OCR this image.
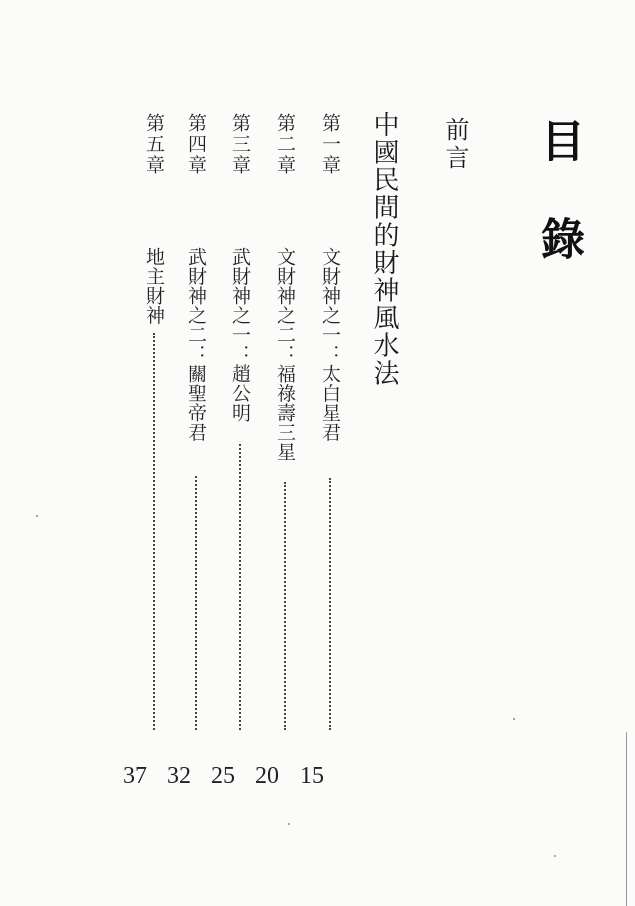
目錄
前言
中國民間的財神風水法
第一章
文財神之一：太白星君
15
第二章
文財神之二：福祿壽三星
20
第三章
武財神之一：趙公明
25
第四章
武財神之二：關聖帝君
32
第五章
地主財神
37
